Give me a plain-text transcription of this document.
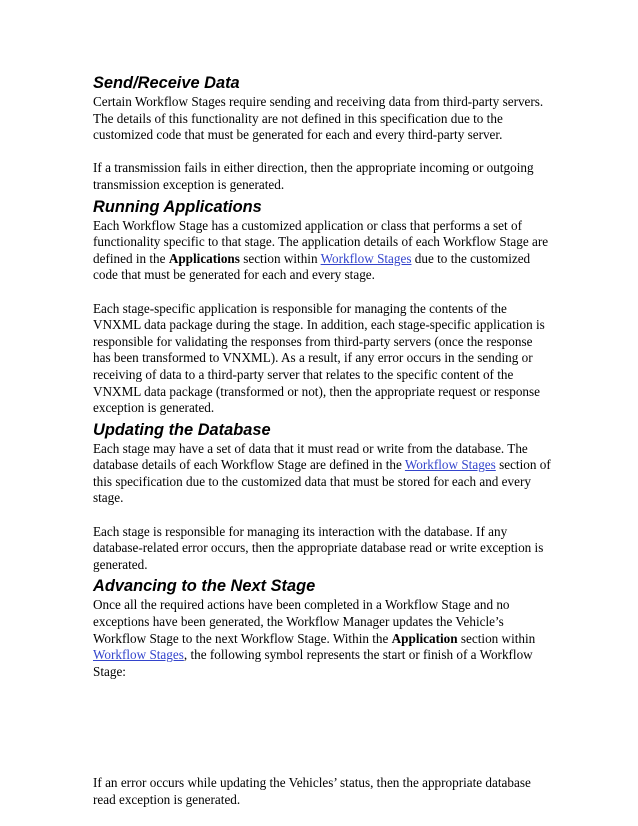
Send/Receive Data

Certain Workflow Stages require sending and receiving data from third-party servers. The details of this functionality are not defined in this specification due to the customized code that must be generated for each and every third-party server.

If a transmission fails in either direction, then the appropriate incoming or outgoing transmission exception is generated.

Running Applications

Each Workflow Stage has a customized application or class that performs a set of functionality specific to that stage. The application details of each Workflow Stage are defined in the Applications section within Workflow Stages due to the customized code that must be generated for each and every stage.

Each stage-specific application is responsible for managing the contents of the VNXML data package during the stage. In addition, each stage-specific application is responsible for validating the responses from third-party servers (once the response has been transformed to VNXML). As a result, if any error occurs in the sending or receiving of data to a third-party server that relates to the specific content of the VNXML data package (transformed or not), then the appropriate request or response exception is generated.

Updating the Database

Each stage may have a set of data that it must read or write from the database. The database details of each Workflow Stage are defined in the Workflow Stages section of this specification due to the customized data that must be stored for each and every stage.

Each stage is responsible for managing its interaction with the database. If any database-related error occurs, then the appropriate database read or write exception is generated.

Advancing to the Next Stage

Once all the required actions have been completed in a Workflow Stage and no exceptions have been generated, the Workflow Manager updates the Vehicle’s Workflow Stage to the next Workflow Stage. Within the Application section within Workflow Stages, the following symbol represents the start or finish of a Workflow Stage:

If an error occurs while updating the Vehicles’ status, then the appropriate database read exception is generated.
